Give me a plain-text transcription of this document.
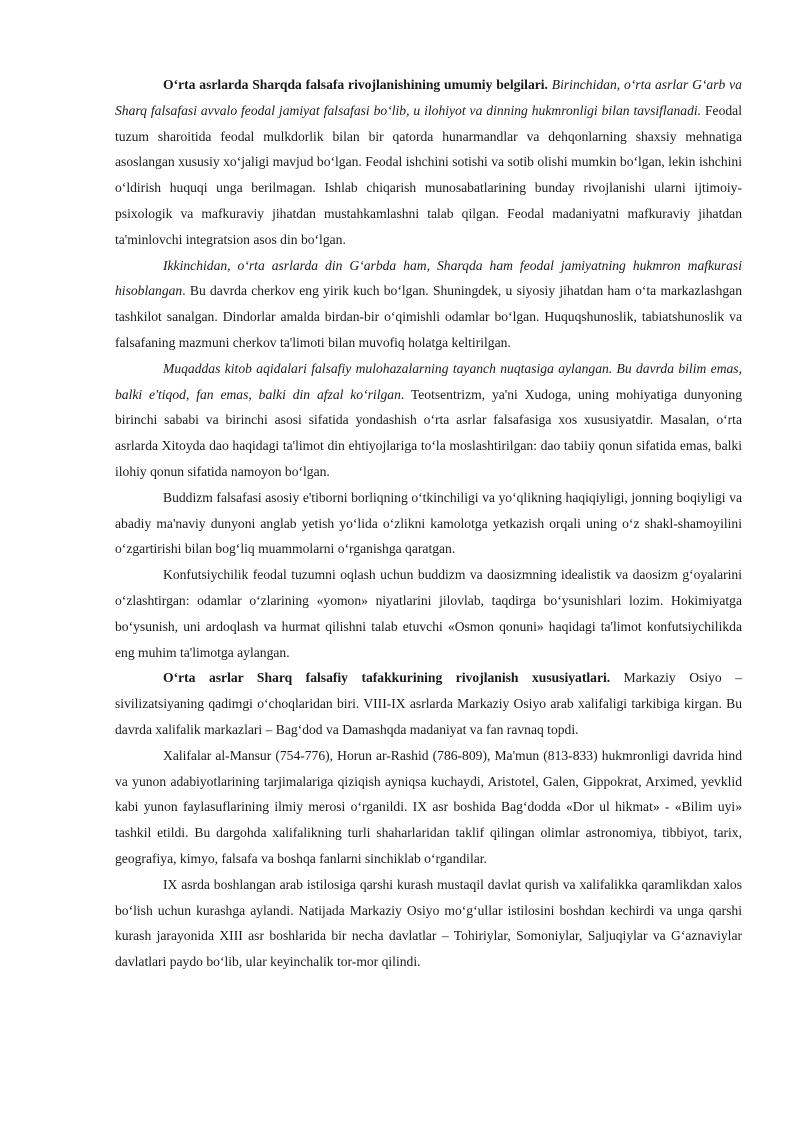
O‘rta asrlarda Sharqda falsafa rivojlanishining umumiy belgilari. Birinchidan, o‘rta asrlar G‘arb va Sharq falsafasi avvalo feodal jamiyat falsafasi bo‘lib, u ilohiyot va dinning hukmronligi bilan tavsiflanadi. Feodal tuzum sharoitida feodal mulkdorlik bilan bir qatorda hunarmandlar va dehqonlarning shaxsiy mehnatiga asoslangan xususiy xo‘jaligi mavjud bo‘lgan. Feodal ishchini sotishi va sotib olishi mumkin bo‘lgan, lekin ishchini o‘ldirish huquqi unga berilmagan. Ishlab chiqarish munosabatlarining bunday rivojlanishi ularni ijtimoiy-psixologik va mafkuraviy jihatdan mustahkamlashni talab qilgan. Feodal madaniyatni mafkuraviy jihatdan ta'minlovchi integratsion asos din bo‘lgan.

Ikkinchidan, o‘rta asrlarda din G‘arbda ham, Sharqda ham feodal jamiyatning hukmron mafkurasi hisoblangan. Bu davrda cherkov eng yirik kuch bo‘lgan. Shuningdek, u siyosiy jihatdan ham o‘ta markazlashgan tashkilot sanalgan. Dindorlar amalda birdan-bir o‘qimishli odamlar bo‘lgan. Huquqshunoslik, tabiatshunoslik va falsafaning mazmuni cherkov ta'limoti bilan muvofiq holatga keltirilgan.

Muqaddas kitob aqidalari falsafiy mulohazalarning tayanch nuqtasiga aylangan. Bu davrda bilim emas, balki e'tiqod, fan emas, balki din afzal ko‘rilgan. Teotsentrizm, ya'ni Xudoga, uning mohiyatiga dunyoning birinchi sababi va birinchi asosi sifatida yondashish o‘rta asrlar falsafasiga xos xususiyatdir. Masalan, o‘rta asrlarda Xitoyda dao haqidagi ta'limot din ehtiyojlariga to‘la moslashtirilgan: dao tabiiy qonun sifatida emas, balki ilohiy qonun sifatida namoyon bo‘lgan.

Buddizm falsafasi asosiy e'tiborni borliqning o‘tkinchiligi va yo‘qlikning haqiqiyligi, jonning boqiyligi va abadiy ma'naviy dunyoni anglab yetish yo‘lida o‘zlikni kamolotga yetkazish orqali uning o‘z shakl-shamoyilini o‘zgartirishi bilan bog‘liq muammolarni o‘rganishga qaratgan.

Konfutsiychilik feodal tuzumni oqlash uchun buddizm va daosizmning idealistik va daosizm g‘oyalarini o‘zlashtirgan: odamlar o‘zlarining «yomon» niyatlarini jilovlab, taqdirga bo‘ysunishlari lozim. Hokimiyatga bo‘ysunish, uni ardoqlash va hurmat qilishni talab etuvchi «Osmon qonuni» haqidagi ta'limot konfutsiychilikda eng muhim ta'limotga aylangan.

O‘rta asrlar Sharq falsafiy tafakkurining rivojlanish xususiyatlari. Markaziy Osiyo – sivilizatsiyaning qadimgi o‘choqlaridan biri. VIII-IX asrlarda Markaziy Osiyo arab xalifaligi tarkibiga kirgan. Bu davrda xalifalik markazlari – Bag‘dod va Damashqda madaniyat va fan ravnaq topdi.

Xalifalar al-Mansur (754-776), Horun ar-Rashid (786-809), Ma'mun (813-833) hukmronligi davrida hind va yunon adabiyotlarining tarjimalariga qiziqish ayniqsa kuchaydi, Aristotel, Galen, Gippokrat, Arximed, yevklid kabi yunon faylasuflarining ilmiy merosi o‘rganildi. IX asr boshida Bag‘dodda «Dor ul hikmat» - «Bilim uyi» tashkil etildi. Bu dargohda xalifalikning turli shaharlaridan taklif qilingan olimlar astronomiya, tibbiyot, tarix, geografiya, kimyo, falsafa va boshqa fanlarni sinchiklab o‘rgandilar.

IX asrda boshlangan arab istilosiga qarshi kurash mustaqil davlat qurish va xalifalikka qaramlikdan xalos bo‘lish uchun kurashga aylandi. Natijada Markaziy Osiyo mo‘g‘ullar istilosini boshdan kechirdi va unga qarshi kurash jarayonida XIII asr boshlarida bir necha davlatlar – Tohiriylar, Somoniylar, Saljuqiylar va G‘aznaviylar davlatlari paydo bo‘lib, ular keyinchalik tor-mor qilindi.
